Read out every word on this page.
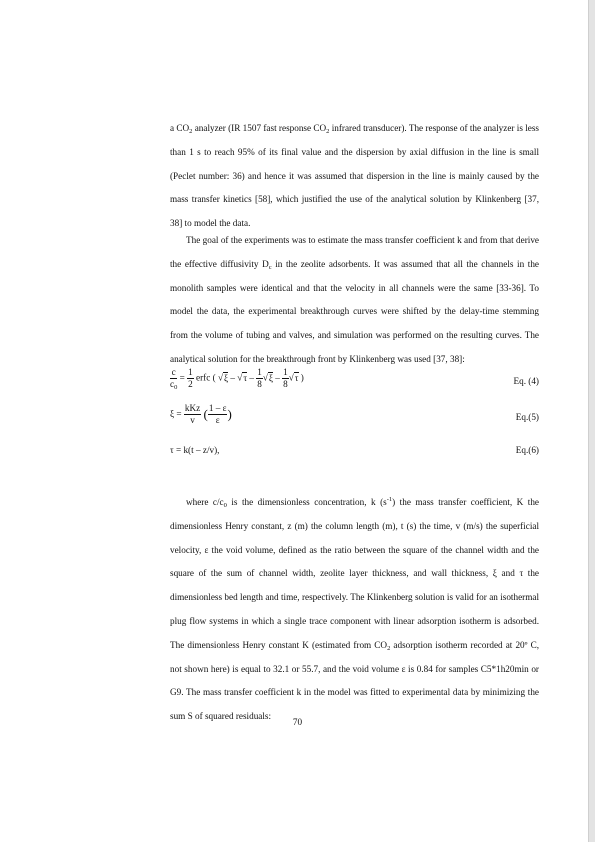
a $CO_2$ analyzer (IR 1507 fast response $CO_2$ infrared transducer). The response of the analyzer is less than 1 s to reach 95% of its final value and the dispersion by axial diffusion in the line is small (Peclet number: 36) and hence it was assumed that dispersion in the line is mainly caused by the mass transfer kinetics [58], which justified the use of the analytical solution by Klinkenberg [37, 38] to model the data.

The goal of the experiments was to estimate the mass transfer coefficient k and from that derive the effective diffusivity $D_c$ in the zeolite adsorbents. It was assumed that all the channels in the monolith samples were identical and that the velocity in all channels were the same [33-36]. To model the data, the experimental breakthrough curves were shifted by the delay-time stemming from the volume of tubing and valves, and simulation was performed on the resulting curves. The analytical solution for the breakthrough front by Klinkenberg was used [37, 38]:

$\frac{c}{c_0} = \frac{1}{2}$ erfc ( $√\xi - √\tau - \frac{1}{8} √\xi - \frac{1}{8} √\tau$ )	Eq. (4)
$\xi = \frac{\text{kKz}}{v}$ ( $\frac{1 - \varepsilon}{\varepsilon}$ )	Eq.(5)
τ = k(t – z/v),	Eq.(6)

where $c/c_0$ is the dimensionless concentration, k $(s^{-1})$ the mass transfer coefficient, K the dimensionless Henry constant, z (m) the column length (m), t (s) the time, v (m/s) the superficial velocity, ε the void volume, defined as the ratio between the square of the channel width and the square of the sum of channel width, zeolite layer thickness, and wall thickness, ξ and τ the dimensionless bed length and time, respectively. The Klinkenberg solution is valid for an isothermal plug flow systems in which a single trace component with linear adsorption isotherm is adsorbed. The dimensionless Henry constant K (estimated from $CO_2$ adsorption isotherm recorded at 20º C, not shown here) is equal to 32.1 or 55.7, and the void volume ε is 0.84 for samples C5*1h20min or G9. The mass transfer coefficient k in the model was fitted to experimental data by minimizing the sum S of squared residuals:

70
